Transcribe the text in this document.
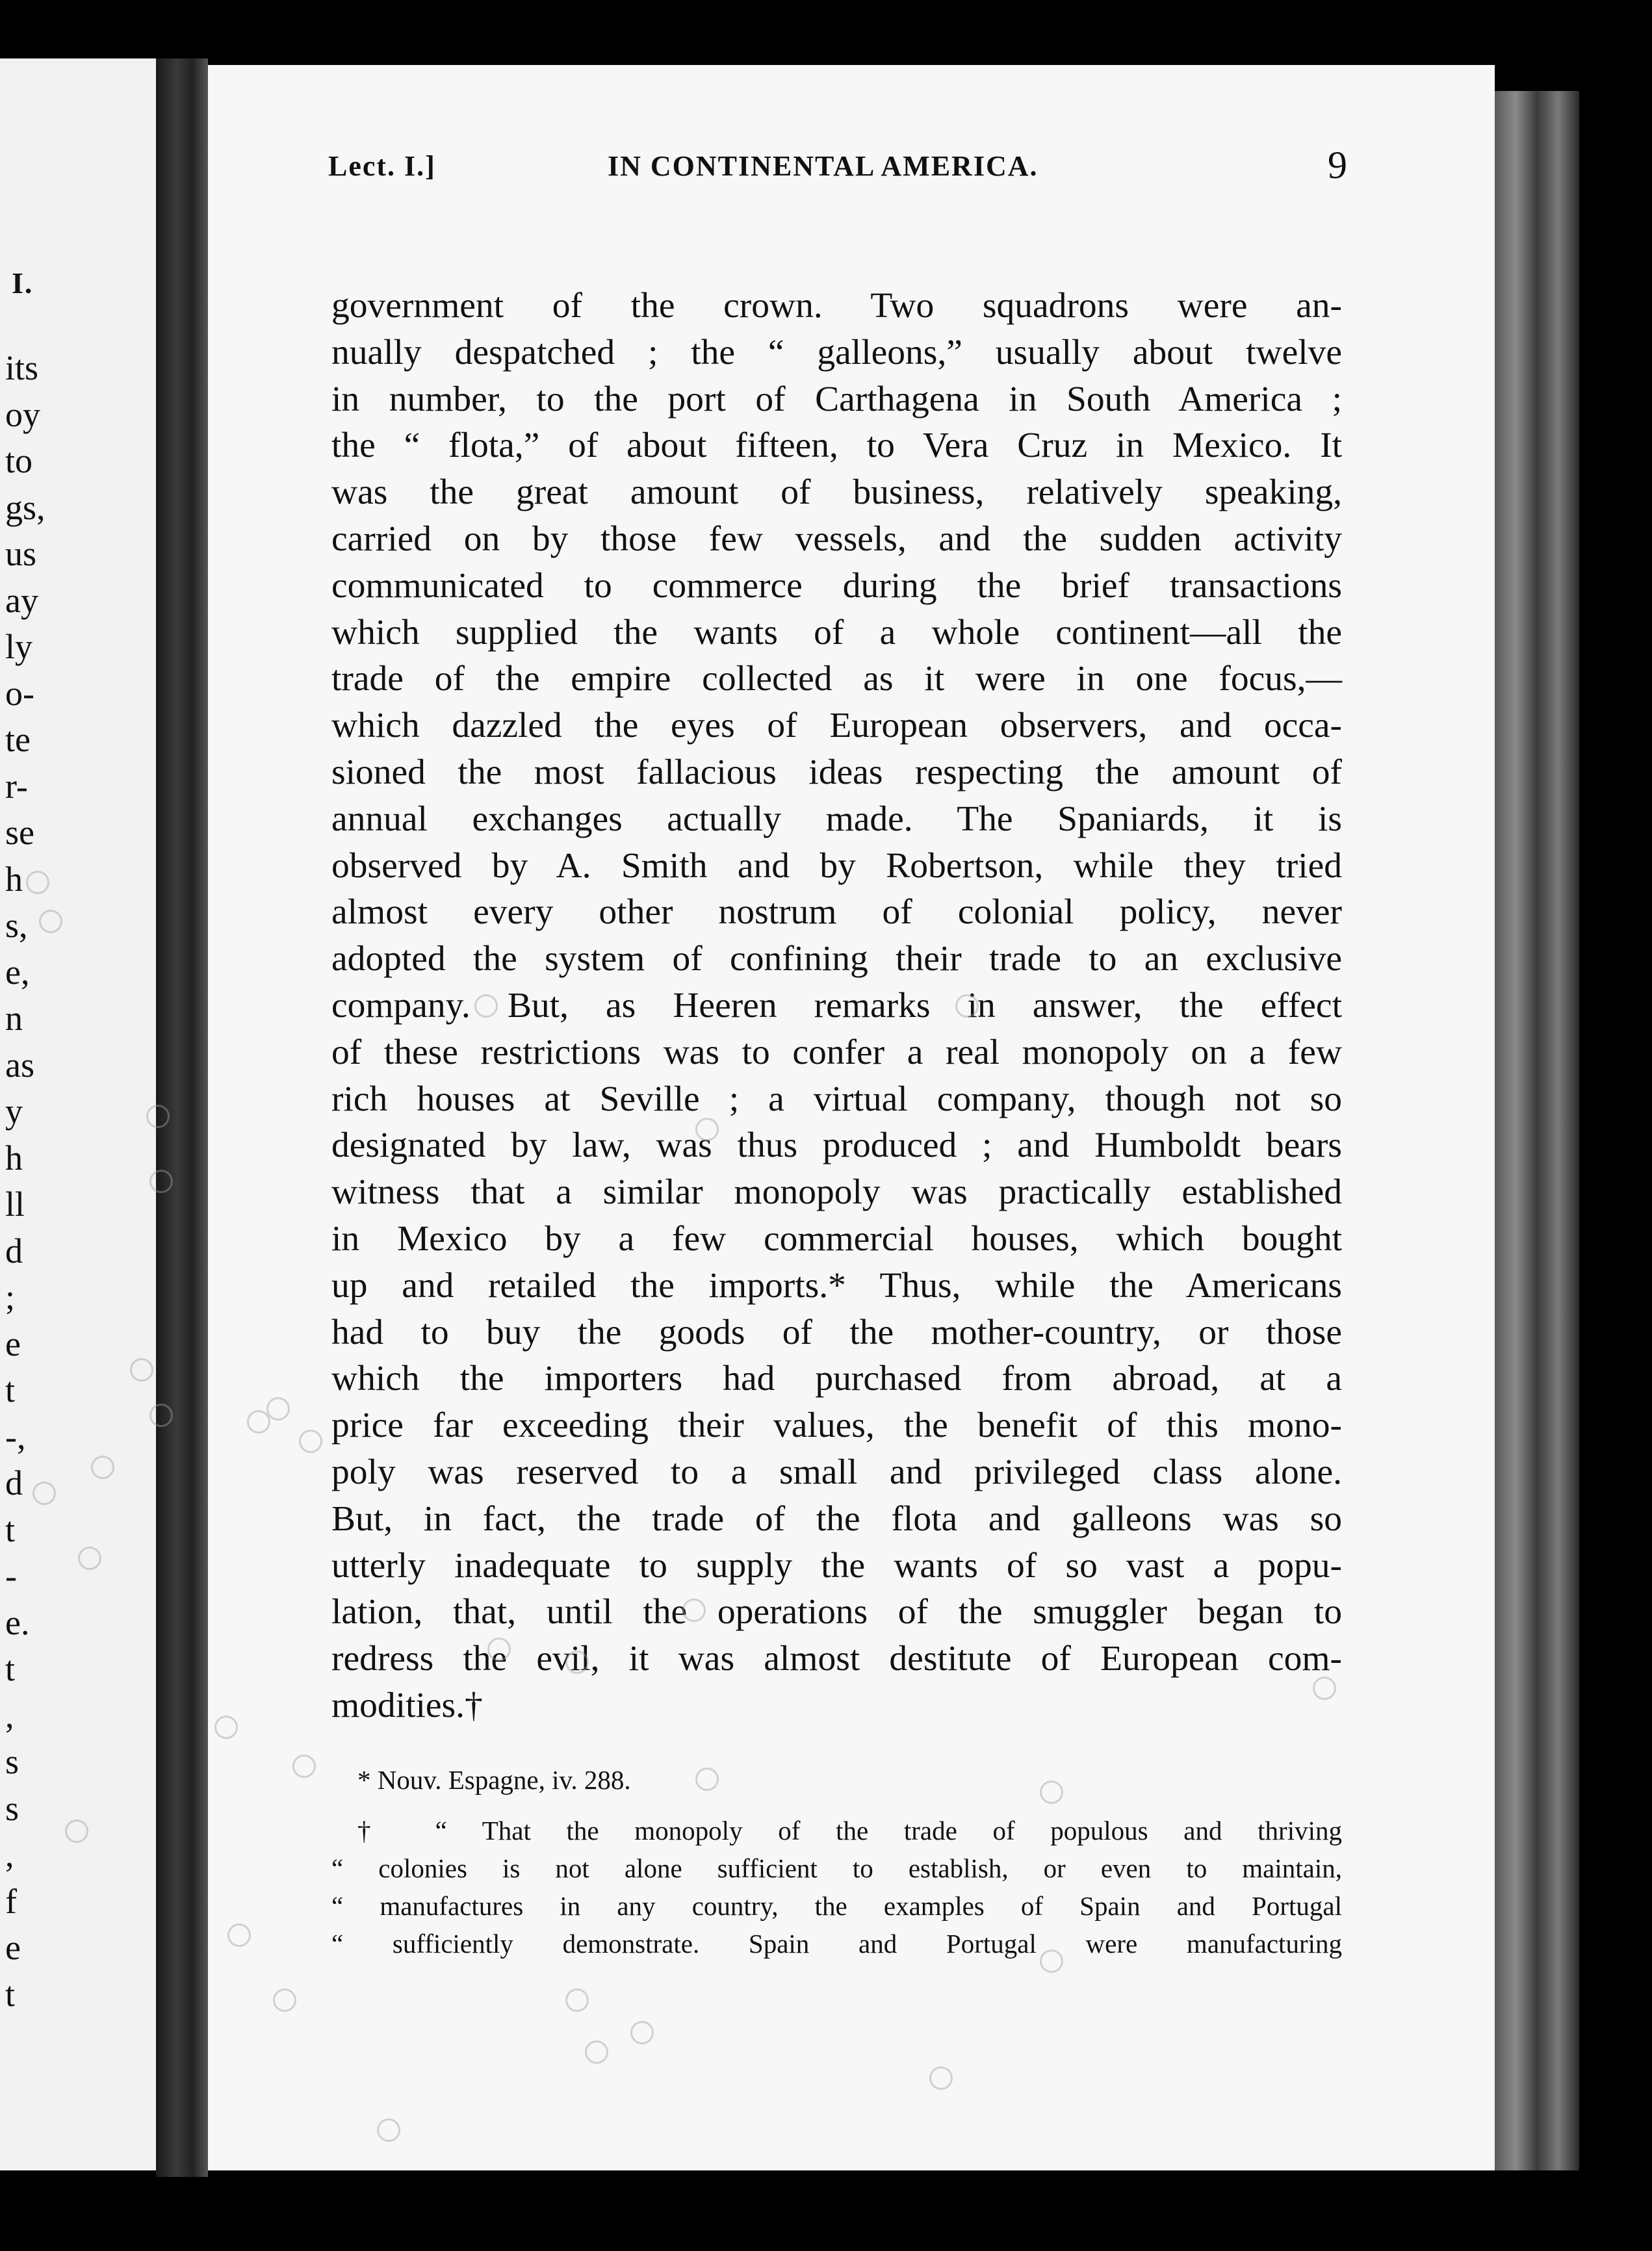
I.
its
oy
to
gs,
us
ay
ly
o-
te
r-
se
h
s,
e,
n
as
y
h
ll
d
;
e
t
-,
d
t
-
e.
t
,
s
s
,
f
e
t
Lect. I.]	IN CONTINENTAL AMERICA.	9
government of the crown. Two squadrons were an-
nually despatched ; the “ galleons,” usually about twelve
in number, to the port of Carthagena in South America ;
the “ flota,” of about fifteen, to Vera Cruz in Mexico. It
was the great amount of business, relatively speaking,
carried on by those few vessels, and the sudden activity
communicated to commerce during the brief transactions
which supplied the wants of a whole continent—all the
trade of the empire collected as it were in one focus,—
which dazzled the eyes of European observers, and occa-
sioned the most fallacious ideas respecting the amount of
annual exchanges actually made. The Spaniards, it is
observed by A. Smith and by Robertson, while they tried
almost every other nostrum of colonial policy, never
adopted the system of confining their trade to an exclusive
company. But, as Heeren remarks in answer, the effect
of these restrictions was to confer a real monopoly on a few
rich houses at Seville ; a virtual company, though not so
designated by law, was thus produced ; and Humboldt bears
witness that a similar monopoly was practically established
in Mexico by a few commercial houses, which bought
up and retailed the imports.* Thus, while the Americans
had to buy the goods of the mother-country, or those
which the importers had purchased from abroad, at a
price far exceeding their values, the benefit of this mono-
poly was reserved to a small and privileged class alone.
But, in fact, the trade of the flota and galleons was so
utterly inadequate to supply the wants of so vast a popu-
lation, that, until the operations of the smuggler began to
redress the evil, it was almost destitute of European com-
modities.†
* Nouv. Espagne, iv. 288.
† “ That the monopoly of the trade of populous and thriving
“ colonies is not alone sufficient to establish, or even to maintain,
“ manufactures in any country, the examples of Spain and Portugal
“ sufficiently demonstrate. Spain and Portugal were manufacturing
